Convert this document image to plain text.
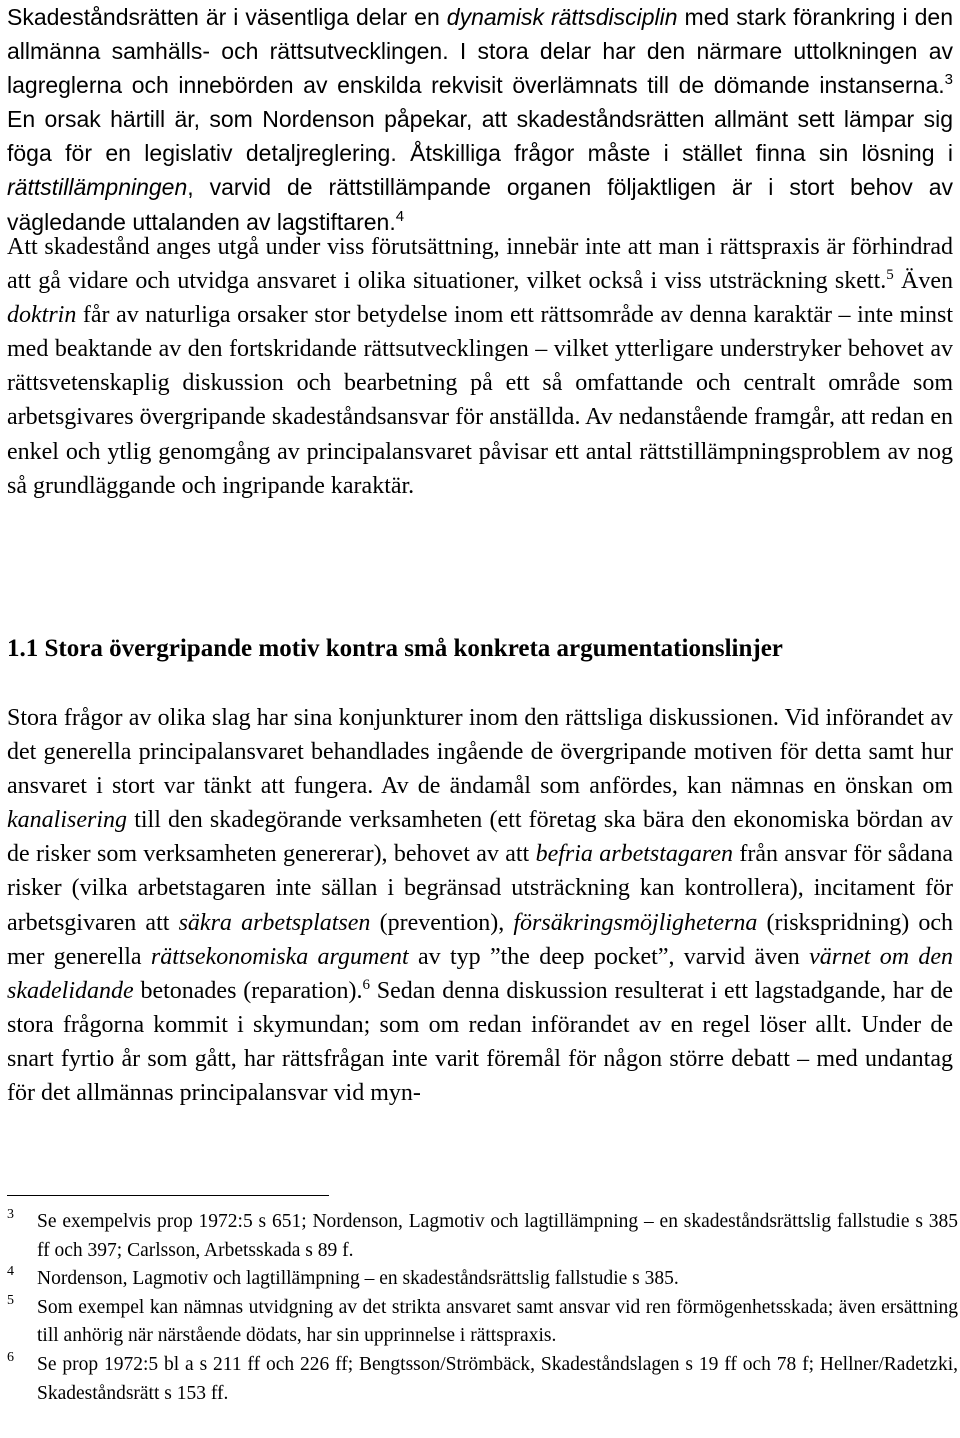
Skadeståndsrätten är i väsentliga delar en dynamisk rättsdisciplin med stark förankring i den allmänna samhälls- och rättsutvecklingen. I stora delar har den närmare uttolkningen av lagreglerna och innebörden av enskilda rekvisit överlämnats till de dömande instanserna.$^3$ En orsak härtill är, som Nordenson påpekar, att skadeståndsrätten allmänt sett lämpar sig föga för en legislativ detaljreglering. Åtskilliga frågor måste i stället finna sin lösning i rättstillämpningen, varvid de rättstillämpande organen följaktligen är i stort behov av vägledande uttalanden av lagstiftaren.$^4$

Att skadestånd anges utgå under viss förutsättning, innebär inte att man i rättspraxis är förhindrad att gå vidare och utvidga ansvaret i olika situationer, vilket också i viss utsträckning skett.$^5$ Även doktrin får av naturliga orsaker stor betydelse inom ett rättsområde av denna karaktär – inte minst med beaktande av den fortskridande rättsutvecklingen – vilket ytterligare understryker behovet av rättsvetenskaplig diskussion och bearbetning på ett så omfattande och centralt område som arbetsgivares övergripande skadeståndsansvar för anställda. Av nedanstående framgår, att redan en enkel och ytlig genomgång av principalansvaret påvisar ett antal rättstillämpningsproblem av nog så grundläggande och ingripande karaktär.

1.1 Stora övergripande motiv kontra små konkreta argumentationslinjer

Stora frågor av olika slag har sina konjunkturer inom den rättsliga diskussionen. Vid införandet av det generella principalansvaret behandlades ingående de övergripande motiven för detta samt hur ansvaret i stort var tänkt att fungera. Av de ändamål som anfördes, kan nämnas en önskan om kanalisering till den skadegörande verksamheten (ett företag ska bära den ekonomiska bördan av de risker som verksamheten genererar), behovet av att befria arbetstagaren från ansvar för sådana risker (vilka arbetstagaren inte sällan i begränsad utsträckning kan kontrollera), incitament för arbetsgivaren att säkra arbetsplatsen (prevention), försäkringsmöjligheterna (riskspridning) och mer generella rättsekonomiska argument av typ ”the deep pocket”, varvid även värnet om den skadelidande betonades (reparation).$^6$ Sedan denna diskussion resulterat i ett lagstadgande, har de stora frågorna kommit i skymundan; som om redan införandet av en regel löser allt. Under de snart fyrtio år som gått, har rättsfrågan inte varit föremål för någon större debatt – med undantag för det allmännas principalansvar vid myn-

3 Se exempelvis prop 1972:5 s 651; Nordenson, Lagmotiv och lagtillämpning – en skadeståndsrättslig fallstudie s 385 ff och 397; Carlsson, Arbetsskada s 89 f.

4 Nordenson, Lagmotiv och lagtillämpning – en skadeståndsrättslig fallstudie s 385.

5 Som exempel kan nämnas utvidgning av det strikta ansvaret samt ansvar vid ren förmögenhetsskada; även ersättning till anhörig när närstående dödats, har sin upprinnelse i rättspraxis.

6 Se prop 1972:5 bl a s 211 ff och 226 ff; Bengtsson/Strömbäck, Skadeståndslagen s 19 ff och 78 f; Hellner/Radetzki, Skadeståndsrätt s 153 ff.
